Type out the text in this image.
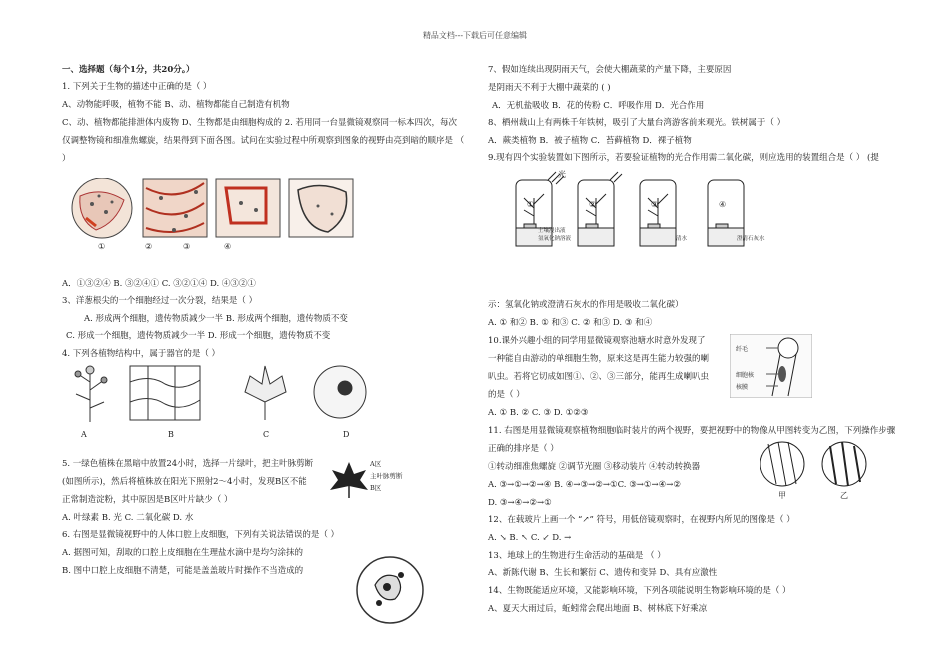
精品文档---下载后可任意编辑
一、选择题（每个1分，共20分。）
1. 下列关于生物的描述中正确的是（ ）
A、动物能呼吸，植物不能 B、动、植物都能自己制造有机物
C、动、植物都能排泄体内废物 D、生物都是由细胞构成的 2. 若用同一台显微镜观察同一标本四次，每次
仅调整物镜和细准焦螺旋，结果得到下面各图。试问在实验过程中所观察到图象的视野由亮到暗的顺序是 （
）
①	②	③	④
A．①③②④ B. ③②④① C. ③②①④ D. ④③②①
3、洋葱根尖的一个细胞经过一次分裂，结果是（ ）
A. 形成两个细胞，遗传物质减少一半 B. 形成两个细胞，遗传物质不变
C. 形成一个细胞，遗传物质减少一半 D. 形成一个细胞，遗传物质不变
4. 下列各植物结构中，属于器官的是（ ）
A	B	C	D
5. 一绿色植株在黑暗中放置24小时，选择一片绿叶，把主叶脉剪断
(如图所示)，然后将植株放在阳光下照射2～4小时，发现B区不能
正常制造淀粉，其中原因是B区叶片缺少（ ）
A. 叶绿素 B. 光 C. 二氧化碳 D. 水
A区
主叶脉剪断
B区
6. 右图是显微镜视野中的人体口腔上皮细胞，下列有关说法错误的是（ ）
A. 据图可知，刮取的口腔上皮细胞在生理盐水滴中是均匀涂抹的
B. 图中口腔上皮细胞不清楚，可能是盖盖玻片时操作不当造成的
7、假如连续出现阴雨天气，会使大棚蔬菜的产量下降，主要原因
是阴雨天不利于大棚中蔬菜的 ( )
A．无机盐吸收 B．花的传粉 C．呼吸作用 D．光合作用
8、栖州裁山上有两株千年铁树，吸引了大量台湾游客前来观光。铁树属于（ ）
A．蕨类植物 B．被子植物 C．苔藓植物 D．裸子植物
9.现有四个实验装置如下图所示，若要验证植物的光合作用需二氧化碳，则应选用的装置组合是（ ） (提
光
①	②	③	④
土壤浸出液
氢氧化钠溶液	清水	澄清石灰水
示：氢氧化钠或澄清石灰水的作用是吸收二氧化碳）
A. ① 和② B. ① 和③ C. ② 和③ D. ③ 和④
10.课外兴趣小组的同学用显微镜观察池塘水时意外发现了
一种能自由游动的单细胞生物，原来这是再生能力较强的喇
叭虫。若将它切成如图①、②、③三部分，能再生成喇叭虫
的是（ ）
A. ① B. ② C. ③ D. ①②③
纤毛
细胞核
核膜
11. 右图是用显微镜观察植物细胞临时装片的两个视野，要把视野中的物像从甲图转变为乙图，下列操作步骤
正确的排序是（ ）
①转动细准焦螺旋 ②调节光圈 ③移动装片 ④转动转换器
A. ③→①→②→④ B. ④→③→②→①C. ③→①→④→②
D. ③→④→②→①
甲	乙
12、在载玻片上画一个 “↗” 符号，用低倍镜观察时，在视野内所见的图像是（ ）
A. ↘ B. ↖ C. ↙ D. →
13、地球上的生物进行生命活动的基础是 （ ）
A、新陈代谢 B、生长和繁衍 C、遗传和变异 D、具有应激性
14、生物既能适应环境，又能影响环境，下列各项能说明生物影响环境的是（ ）
A、夏天大雨过后，蚯蚓常会爬出地面 B、树林底下好乘凉
